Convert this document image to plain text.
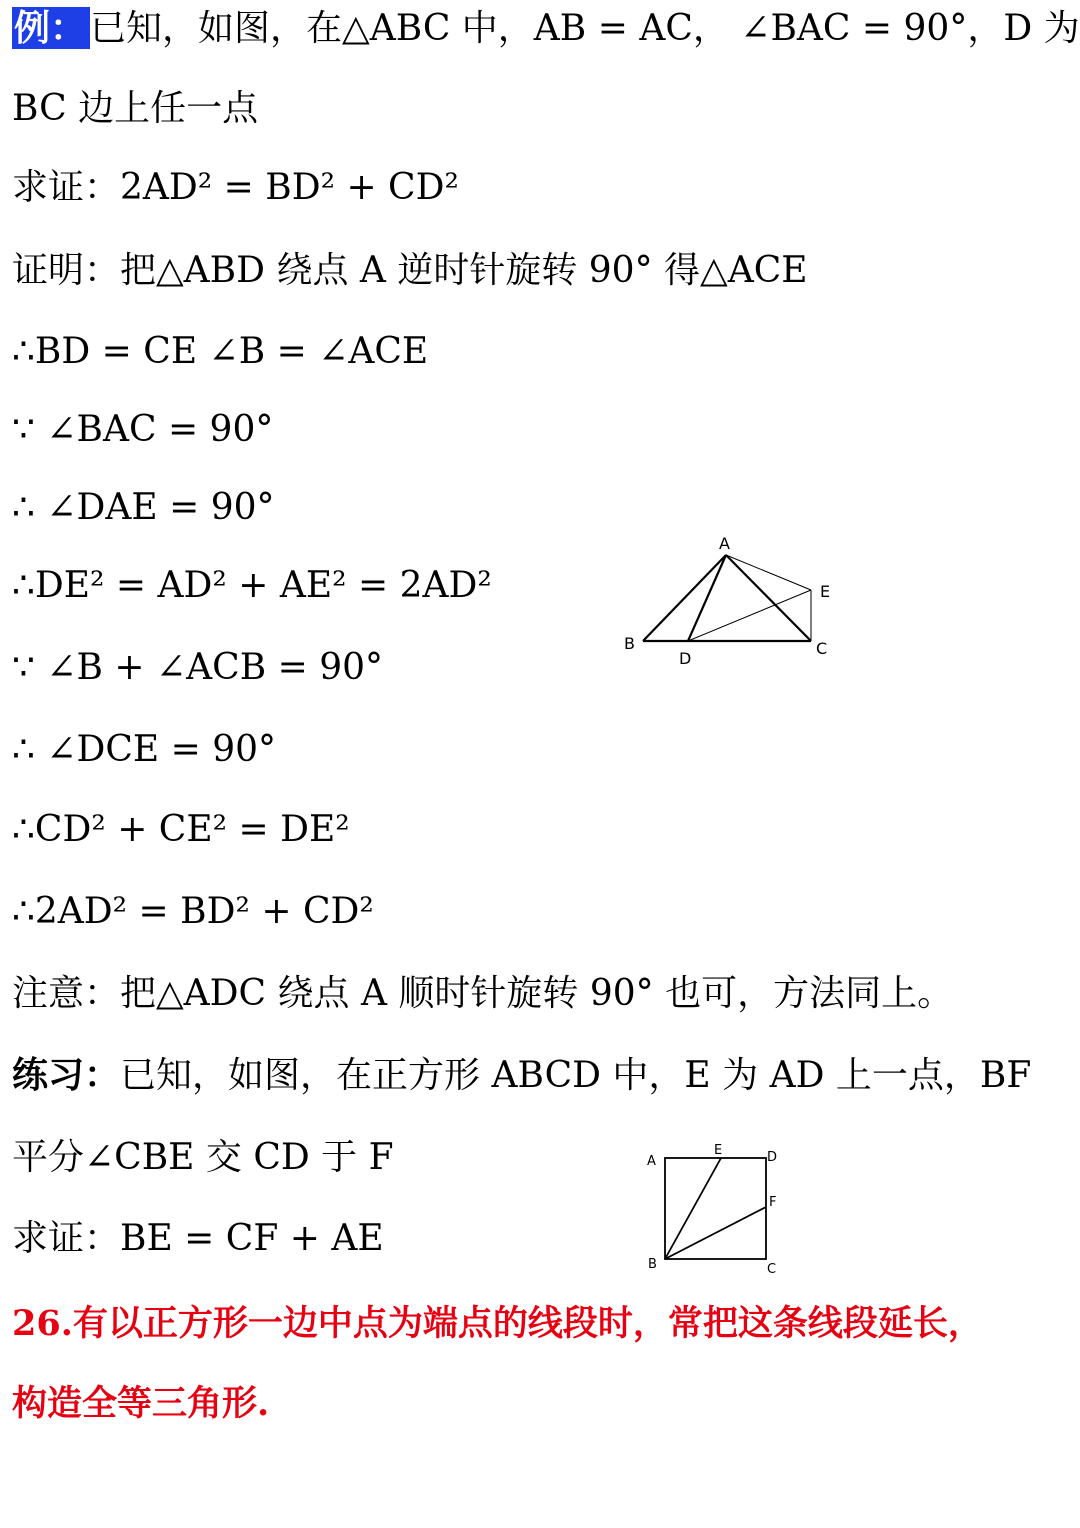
例： 已知，如图，在△ABC 中，AB = AC， ∠BAC = 90°，D 为
BC 边上任一点
求证：2AD² = BD² + CD²
证明：把△ABD 绕点 A 逆时针旋转 90° 得△ACE
∴BD = CE ∠B = ∠ACE
∵ ∠BAC = 90°
∴ ∠DAE = 90°
∴DE² = AD² + AE² = 2AD²
∵ ∠B + ∠ACB = 90°
∴ ∠DCE = 90°
∴CD² + CE² = DE²
∴2AD² = BD² + CD²
注意：把△ADC 绕点 A 顺时针旋转 90° 也可，方法同上。
练习：已知，如图，在正方形 ABCD 中，E 为 AD 上一点，BF
平分∠CBE 交 CD 于 F
求证：BE = CF + AE
26.有以正方形一边中点为端点的线段时，常把这条线段延长，
构造全等三角形.
A
E
B
D
C
A
E	D
F
B	C
